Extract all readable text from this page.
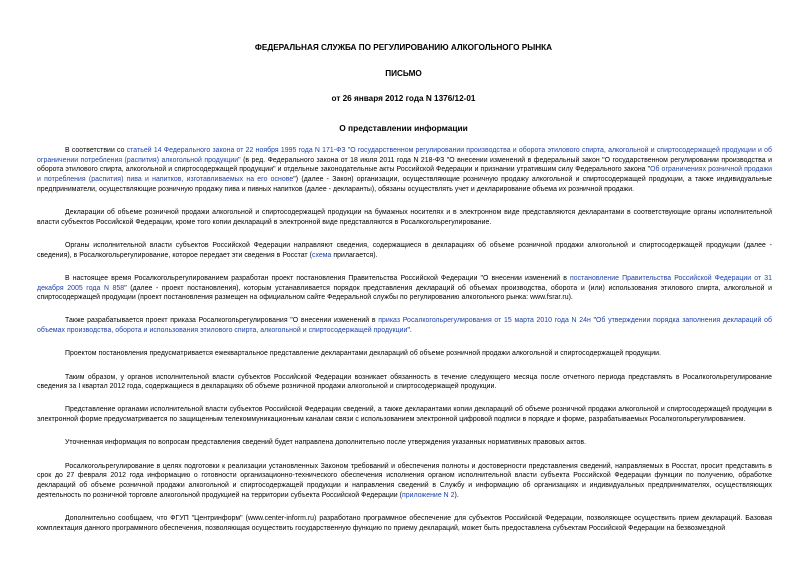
ФЕДЕРАЛЬНАЯ СЛУЖБА ПО РЕГУЛИРОВАНИЮ АЛКОГОЛЬНОГО РЫНКА

ПИСЬМО

от 26 января 2012 года N 1376/12-01

О представлении информации

В соответствии со статьей 14 Федерального закона от 22 ноября 1995 года N 171-ФЗ "О государственном регулировании производства и оборота этилового спирта, алкогольной и спиртосодержащей продукции и об ограничении потребления (распития) алкогольной продукции" (в ред. Федерального закона от 18 июля 2011 года N 218-ФЗ "О внесении изменений в федеральный закон "О государственном регулировании производства и оборота этилового спирта, алкогольной и спиртосодержащей продукции" и отдельные законодательные акты Российской Федерации и признании утратившим силу Федерального закона "Об ограничениях розничной продажи и потребления (распития) пива и напитков, изготавливаемых на его основе") (далее - Закон) организации, осуществляющие розничную продажу алкогольной и спиртосодержащей продукции, а также индивидуальные предприниматели, осуществляющие розничную продажу пива и пивных напитков (далее - декларанты), обязаны осуществлять учет и декларирование объема их розничной продажи.

Декларации об объеме розничной продажи алкогольной и спиртосодержащей продукции на бумажных носителях и в электронном виде представляются декларантами в соответствующие органы исполнительной власти субъектов Российской Федерации, кроме того копии деклараций в электронной виде представляются в Росалкогольрегулирование.

Органы исполнительной власти субъектов Российской Федерации направляют сведения, содержащиеся в декларациях об объеме розничной продажи алкогольной и спиртосодержащей продукции (далее - сведения), в Росалкогольрегулирование, которое передает эти сведения в Росстат (схема прилагается).

В настоящее время Росалкогольрегулированием разработан проект постановления Правительства Российской Федерации "О внесении изменений в постановление Правительства Российской Федерации от 31 декабря 2005 года N 858" (далее - проект постановления), которым устанавливается порядок представления деклараций об объемах производства, оборота и (или) использования этилового спирта, алкогольной и спиртосодержащей продукции (проект постановления размещен на официальном сайте Федеральной службы по регулированию алкогольного рынка: www.fsrar.ru).

Также разрабатывается проект приказа Росалкогольрегулирования "О внесении изменений в приказ Росалкогольрегулирования от 15 марта 2010 года N 24н "Об утверждении порядка заполнения деклараций об объемах производства, оборота и использования этилового спирта, алкогольной и спиртосодержащей продукции".

Проектом постановления предусматривается ежеквартальное представление декларантами деклараций об объеме розничной продажи алкогольной и спиртосодержащей продукции.

Таким образом, у органов исполнительной власти субъектов Российской Федерации возникает обязанность в течение следующего месяца после отчетного периода представлять в Росалкогольрегулирование сведения за I квартал 2012 года, содержащиеся в декларациях об объеме розничной продажи алкогольной и спиртосодержащей продукции.

Представление органами исполнительной власти субъектов Российской Федерации сведений, а также декларантами копии деклараций об объеме розничной продажи алкогольной и спиртосодержащей продукции в электронной форме предусматривается по защищенным телекоммуникационным каналам связи с использованием электронной цифровой подписи в порядке и форме, разрабатываемых Росалкогольрегулированием.

Уточненная информация по вопросам представления сведений будет направлена дополнительно после утверждения указанных нормативных правовых актов.

Росалкогольрегулирование в целях подготовки к реализации установленных Законом требований и обеспечения полноты и достоверности представления сведений, направляемых в Росстат, просит представить в срок до 27 февраля 2012 года информацию о готовности организационно-технического обеспечения исполнения органом исполнительной власти субъекта Российской Федерации функции по получению, обработке деклараций об объеме розничной продажи алкогольной и спиртосодержащей продукции и направления сведений в Службу и информацию об организациях и индивидуальных предпринимателях, осуществляющих деятельность по розничной торговле алкогольной продукцией на территории субъекта Российской Федерации (приложение N 2).

Дополнительно сообщаем, что ФГУП "Центринформ" (www.center-inform.ru) разработано программное обеспечение для субъектов Российской Федерации, позволяющее осуществить прием деклараций. Базовая комплектация данного программного обеспечения, позволяющая осуществить государственную функцию по приему деклараций, может быть предоставлена субъектам Российской Федерации на безвозмездной
